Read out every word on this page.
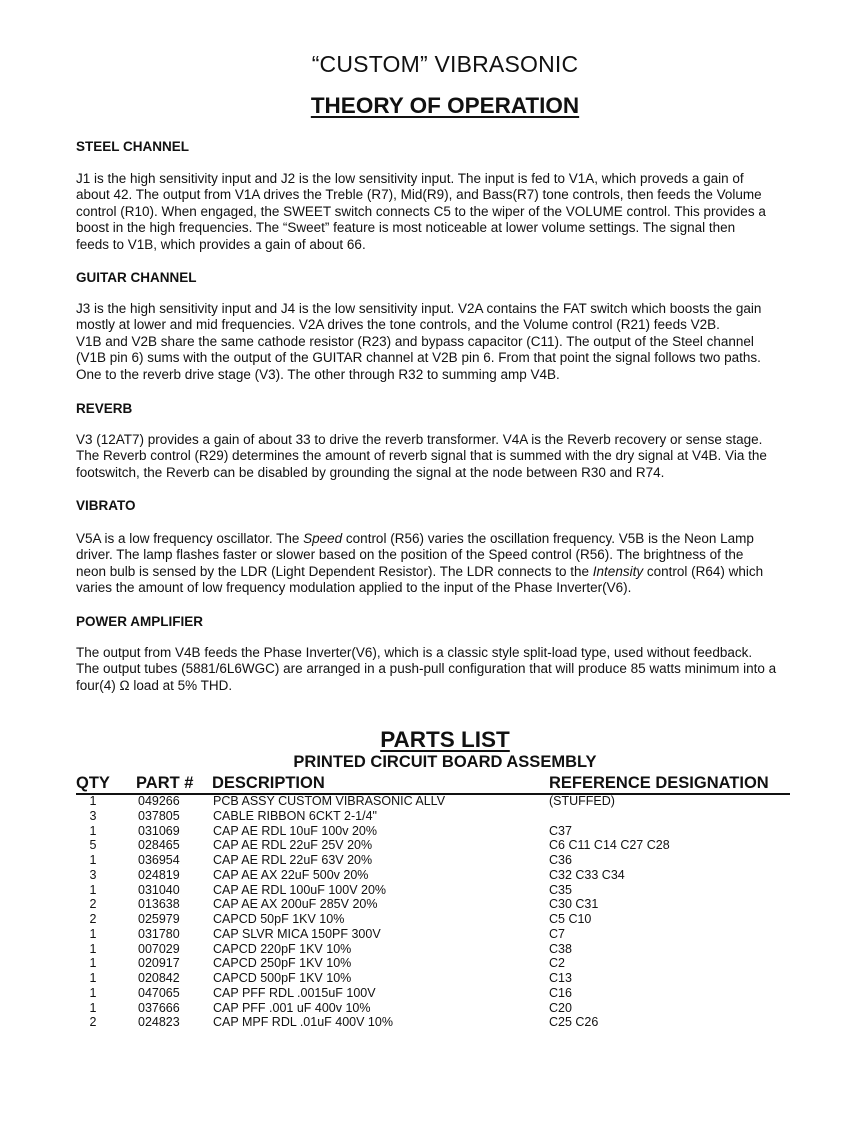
“CUSTOM” VIBRASONIC
THEORY OF OPERATION
STEEL CHANNEL

J1 is the high sensitivity input and J2 is the low sensitivity input. The input is fed to V1A, which proveds a gain of
about 42. The output from V1A drives the Treble (R7), Mid(R9), and Bass(R7) tone controls, then feeds the Volume
control (R10). When engaged, the SWEET switch connects C5 to the wiper of the VOLUME control. This provides a
boost in the high frequencies. The “Sweet” feature is most noticeable at lower volume settings. The signal then
feeds to V1B, which provides a gain of about 66.

GUITAR CHANNEL

J3 is the high sensitivity input and J4 is the low sensitivity input. V2A contains the FAT switch which boosts the gain
mostly at lower and mid frequencies. V2A drives the tone controls, and the Volume control (R21) feeds V2B.
V1B and V2B share the same cathode resistor (R23) and bypass capacitor (C11). The output of the Steel channel
(V1B pin 6) sums with the output of the GUITAR channel at V2B pin 6. From that point the signal follows two paths.
One to the reverb drive stage (V3). The other through R32 to summing amp V4B.

REVERB

V3 (12AT7) provides a gain of about 33 to drive the reverb transformer. V4A is the Reverb recovery or sense stage.
The Reverb control (R29) determines the amount of reverb signal that is summed with the dry signal at V4B. Via the
footswitch, the Reverb can be disabled by grounding the signal at the node between R30 and R74.

VIBRATO

V5A is a low frequency oscillator. The Speed control (R56) varies the oscillation frequency. V5B is the Neon Lamp
driver. The lamp flashes faster or slower based on the position of the Speed control (R56). The brightness of the
neon bulb is sensed by the LDR (Light Dependent Resistor). The LDR connects to the Intensity control (R64) which
varies the amount of low frequency modulation applied to the input of the Phase Inverter(V6).

POWER AMPLIFIER

The output from V4B feeds the Phase Inverter(V6), which is a classic style split-load type, used without feedback.
The output tubes (5881/6L6WGC) are arranged in a push-pull configuration that will produce 85 watts minimum into a
four(4) Ω load at 5% THD.

PARTS LIST
PRINTED CIRCUIT BOARD ASSEMBLY
QTY PART # DESCRIPTION	REFERENCE DESIGNATION
1	049266	PCB ASSY CUSTOM VIBRASONIC ALLV	(STUFFED)
3	037805	CABLE RIBBON 6CKT 2-1/4"
1	031069	CAP AE RDL 10uF 100v 20%	C37
5	028465	CAP AE RDL 22uF 25V 20%	C6 C11 C14 C27 C28
1	036954	CAP AE RDL 22uF 63V 20%	C36
3	024819	CAP AE AX 22uF 500v 20%	C32 C33 C34
1	031040	CAP AE RDL 100uF 100V 20%	C35
2	013638	CAP AE AX 200uF 285V 20%	C30 C31
2	025979	CAPCD 50pF 1KV 10%	C5 C10
1	031780	CAP SLVR MICA 150PF 300V	C7
1	007029	CAPCD 220pF 1KV 10%	C38
1	020917	CAPCD 250pF 1KV 10%	C2
1	020842	CAPCD 500pF 1KV 10%	C13
1	047065	CAP PFF RDL .0015uF 100V	C16
1	037666	CAP PFF .001 uF 400v 10%	C20
2	024823	CAP MPF RDL .01uF 400V 10%	C25 C26
